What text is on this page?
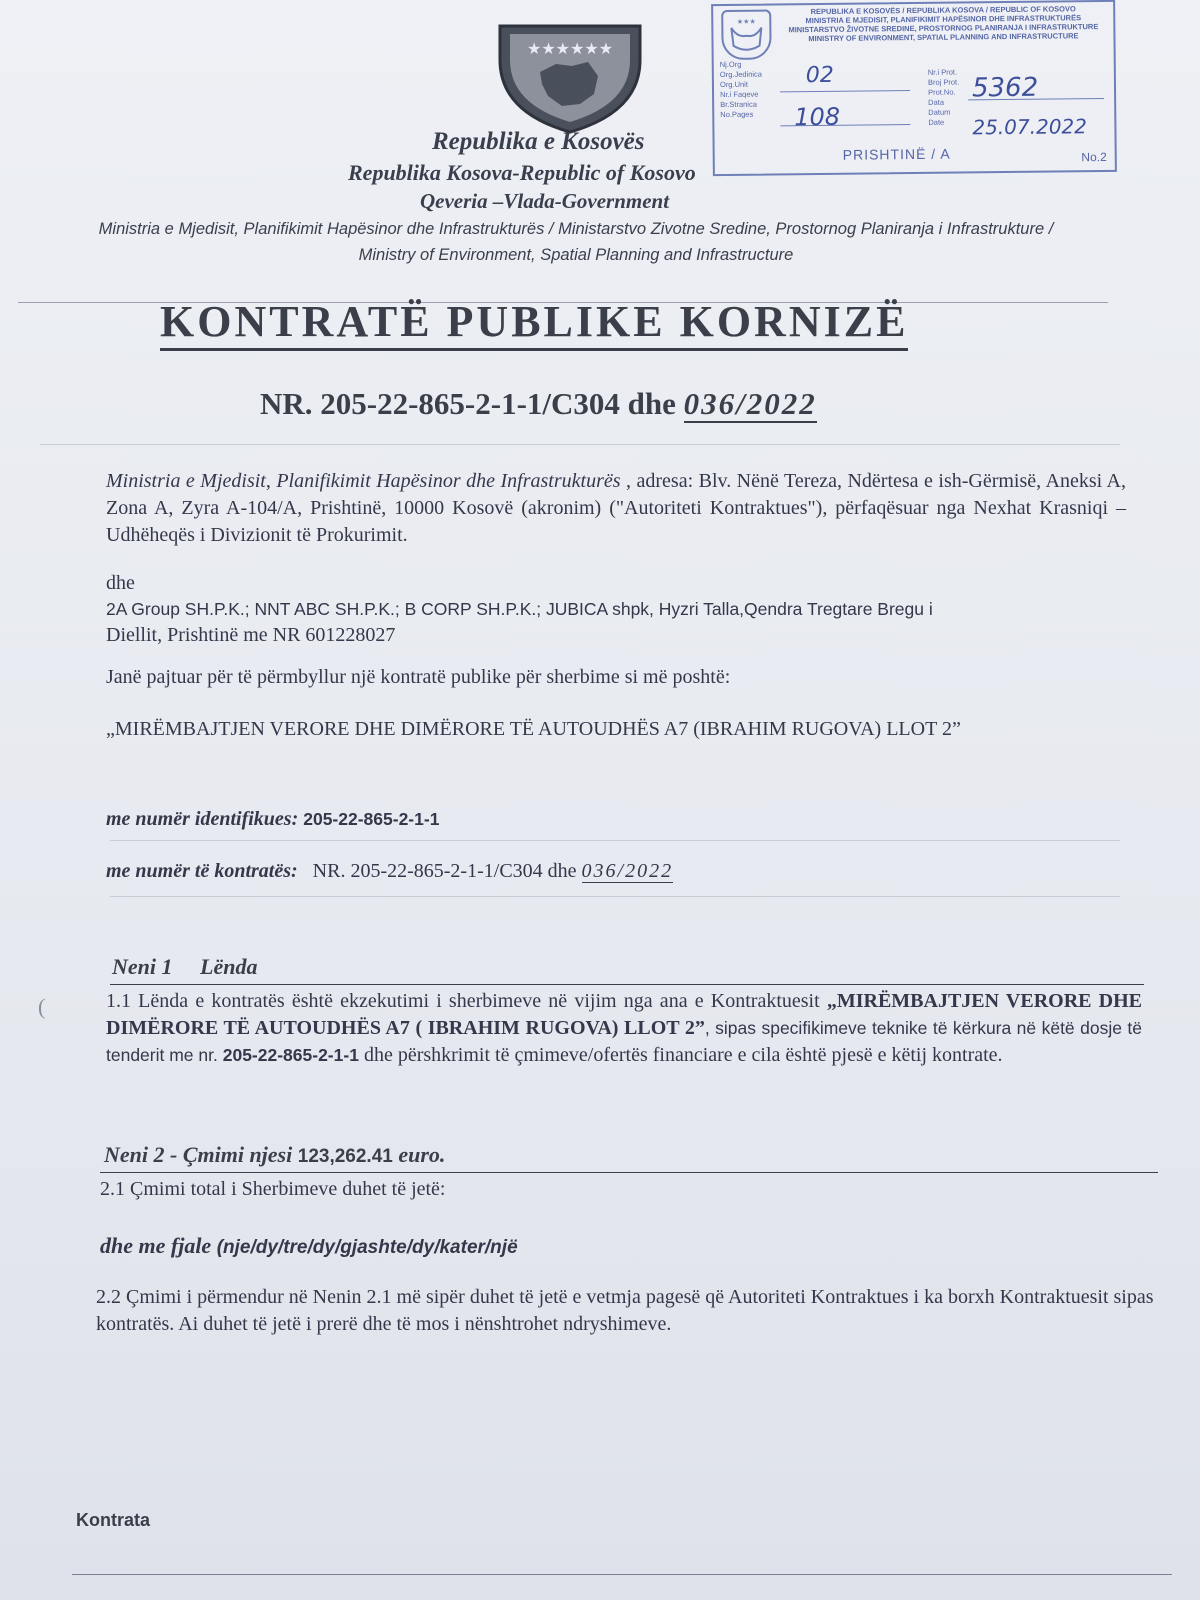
★★★
REPUBLIKA E KOSOVËS / REPUBLIKA KOSOVA / REPUBLIC OF KOSOVO
MINISTRIA E MJEDISIT, PLANIFIKIMIT HAPËSINOR DHE INFRASTRUKTURËS
MINISTARSTVO ŽIVOTNE SREDINE, PROSTORNOG PLANIRANJA I INFRASTRUKTURE
MINISTRY OF ENVIRONMENT, SPATIAL PLANNING AND INFRASTRUCTURE
Nj.Org
Org.Jedinica
Org.Unit
Nr.i Faqeve
Br.Stranica
No.Pages
Nr.i Prot.
Broj Prot.
Prot.No.
Data
Datum
Date
02
108
5362
25.07.2022
PRISHTINË / A	No.2
★★★★★★
Republika e Kosovës
Republika Kosova-Republic of Kosovo
Qeveria –Vlada-Government
Ministria e Mjedisit, Planifikimit Hapësinor dhe Infrastrukturës / Ministarstvo Zivotne Sredine, Prostornog Planiranja i Infrastrukture / Ministry of Environment, Spatial Planning and Infrastructure
KONTRATË PUBLIKE KORNIZË
NR. 205-22-865-2-1-1/C304 dhe 036/2022
Ministria e Mjedisit, Planifikimit Hapësinor dhe Infrastrukturës , adresa: Blv. Nënë Tereza, Ndërtesa e ish-Gërmisë, Aneksi A, Zona A, Zyra A-104/A, Prishtinë, 10000 Kosovë (akronim) ("Autoriteti Kontraktues"), përfaqësuar nga Nexhat Krasniqi – Udhëheqës i Divizionit të Prokurimit.
dhe
2A Group SH.P.K.; NNT ABC SH.P.K.; B CORP SH.P.K.; JUBICA shpk, Hyzri Talla,Qendra Tregtare Bregu i
Diellit, Prishtinë me NR 601228027
Janë pajtuar për të përmbyllur një kontratë publike për sherbime si më poshtë:
„MIRËMBAJTJEN VERORE DHE DIMËRORE TË AUTOUDHËS A7 (IBRAHIM RUGOVA) LLOT 2”
me numër identifikues: 205-22-865-2-1-1
me numër të kontratës: NR. 205-22-865-2-1-1/C304 dhe 036/2022
Neni 1     Lënda
(	1.1 Lënda e kontratës është ekzekutimi i sherbimeve në vijim nga ana e Kontraktuesit „MIRËMBAJTJEN VERORE DHE DIMËRORE TË AUTOUDHËS A7 ( IBRAHIM RUGOVA) LLOT 2”, sipas specifikimeve teknike të kërkura në këtë dosje të tenderit me nr. 205-22-865-2-1-1 dhe përshkrimit të çmimeve/ofertës financiare e cila është pjesë e këtij kontrate.
Neni 2 - Çmimi njesi 123,262.41 euro.
2.1 Çmimi total i Sherbimeve duhet të jetë:
dhe me fjale (nje/dy/tre/dy/gjashte/dy/kater/një
2.2 Çmimi i përmendur në Nenin 2.1 më sipër duhet të jetë e vetmja pagesë që Autoriteti Kontraktues i ka borxh Kontraktuesit sipas kontratës. Ai duhet të jetë i prerë dhe të mos i nënshtrohet ndryshimeve.
Kontrata
